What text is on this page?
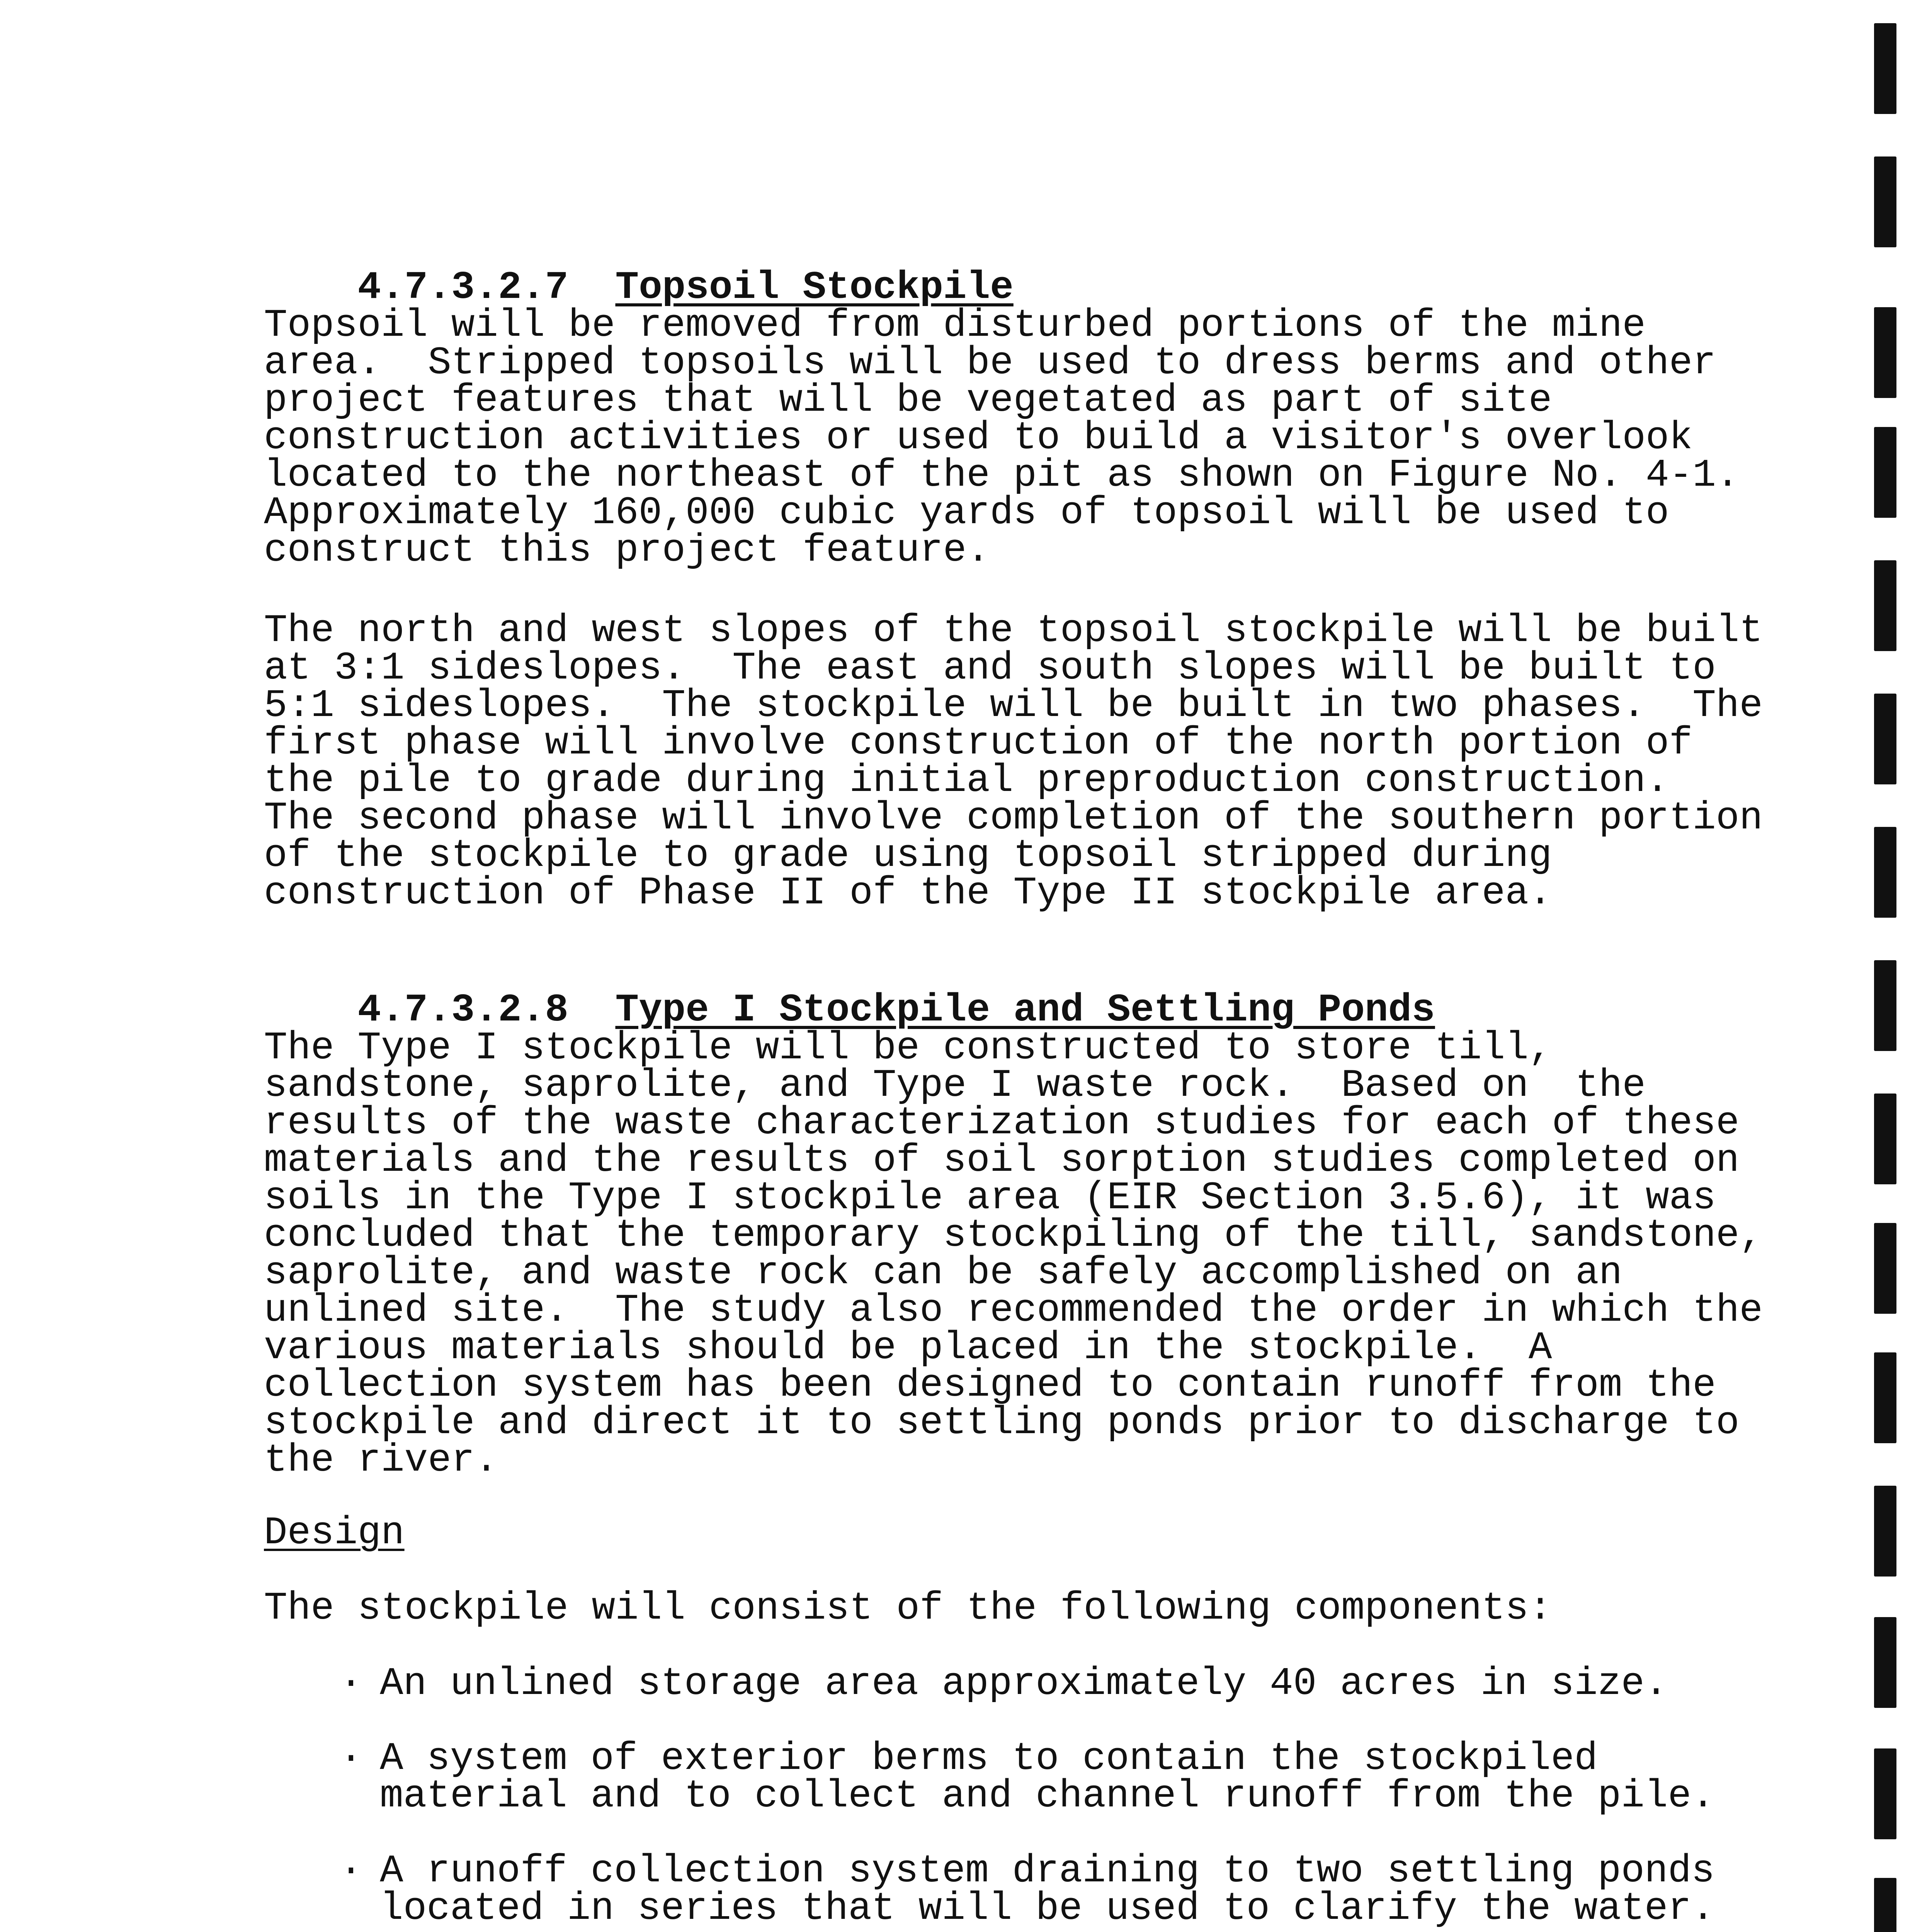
4.7.3.2.7 Topsoil Stockpile

Topsoil will be removed from disturbed portions of the mine
area.  Stripped topsoils will be used to dress berms and other
project features that will be vegetated as part of site
construction activities or used to build a visitor's overlook
located to the northeast of the pit as shown on Figure No. 4-1.
Approximately 160,000 cubic yards of topsoil will be used to
construct this project feature.
The north and west slopes of the topsoil stockpile will be built
at 3:1 sideslopes.  The east and south slopes will be built to
5:1 sideslopes.  The stockpile will be built in two phases.  The
first phase will involve construction of the north portion of
the pile to grade during initial preproduction construction.
The second phase will involve completion of the southern portion
of the stockpile to grade using topsoil stripped during
construction of Phase II of the Type II stockpile area.

4.7.3.2.8 Type I Stockpile and Settling Ponds

The Type I stockpile will be constructed to store till,
sandstone, saprolite, and Type I waste rock.  Based on  the
results of the waste characterization studies for each of these
materials and the results of soil sorption studies completed on
soils in the Type I stockpile area (EIR Section 3.5.6), it was
concluded that the temporary stockpiling of the till, sandstone,
saprolite, and waste rock can be safely accomplished on an
unlined site.  The study also recommended the order in which the
various materials should be placed in the stockpile.  A
collection system has been designed to contain runoff from the
stockpile and direct it to settling ponds prior to discharge to
the river.
Design
The stockpile will consist of the following components:
· An unlined storage area approximately 40 acres in size.
· A system of exterior berms to contain the stockpiled
material and to collect and channel runoff from the pile.
· A runoff collection system draining to two settling ponds
located in series that will be used to clarify the water.
